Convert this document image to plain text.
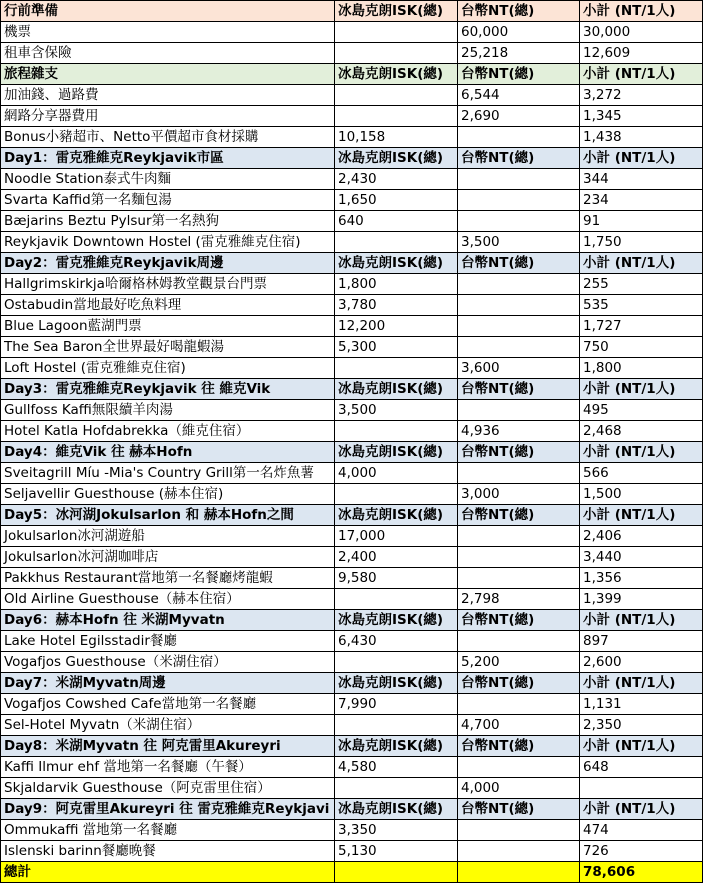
行前準備	冰島克朗ISK(總)	台幣NT(總)	小計 (NT/1人)
機票		60,000	30,000
租車含保險		25,218	12,609
旅程雜支	冰島克朗ISK(總)	台幣NT(總)	小計 (NT/1人)
加油錢、過路費		6,544	3,272
網路分享器費用		2,690	1,345
Bonus小豬超市、Netto平價超市食材採購	10,158		1,438
Day1：雷克雅維克Reykjavik市區	冰島克朗ISK(總)	台幣NT(總)	小計 (NT/1人)
Noodle Station泰式牛肉麵	2,430		344
Svarta Kaffid第一名麵包湯	1,650		234
Bæjarins Beztu Pylsur第一名熱狗	640		91
Reykjavik Downtown Hostel (雷克雅維克住宿)		3,500	1,750
Day2：雷克雅維克Reykjavik周邊	冰島克朗ISK(總)	台幣NT(總)	小計 (NT/1人)
Hallgrimskirkja哈爾格林姆教堂觀景台門票	1,800		255
Ostabudin當地最好吃魚料理	3,780		535
Blue Lagoon藍湖門票	12,200		1,727
The Sea Baron全世界最好喝龍蝦湯	5,300		750
Loft Hostel (雷克雅維克住宿)		3,600	1,800
Day3：雷克雅維克Reykjavik 往 維克Vik	冰島克朗ISK(總)	台幣NT(總)	小計 (NT/1人)
Gullfoss Kaffi無限續羊肉湯	3,500		495
Hotel Katla Hofdabrekka（維克住宿）		4,936	2,468
Day4：維克Vik 往 赫本Hofn	冰島克朗ISK(總)	台幣NT(總)	小計 (NT/1人)
Sveitagrill Míu -Mia's Country Grill第一名炸魚薯	4,000		566
Seljavellir Guesthouse (赫本住宿)		3,000	1,500
Day5：冰河湖Jokulsarlon 和 赫本Hofn之間	冰島克朗ISK(總)	台幣NT(總)	小計 (NT/1人)
Jokulsarlon冰河湖遊船	17,000		2,406
Jokulsarlon冰河湖咖啡店	2,400		3,440
Pakkhus Restaurant當地第一名餐廳烤龍蝦	9,580		1,356
Old Airline Guesthouse（赫本住宿）		2,798	1,399
Day6：赫本Hofn 往 米湖Myvatn	冰島克朗ISK(總)	台幣NT(總)	小計 (NT/1人)
Lake Hotel Egilsstadir餐廳	6,430		897
Vogafjos Guesthouse（米湖住宿）		5,200	2,600
Day7：米湖Myvatn周邊	冰島克朗ISK(總)	台幣NT(總)	小計 (NT/1人)
Vogafjos Cowshed Cafe當地第一名餐廳	7,990		1,131
Sel-Hotel Myvatn（米湖住宿）		4,700	2,350
Day8：米湖Myvatn 往 阿克雷里Akureyri	冰島克朗ISK(總)	台幣NT(總)	小計 (NT/1人)
Kaffi Ilmur ehf 當地第一名餐廳（午餐）	4,580		648
Skjaldarvik Guesthouse（阿克雷里住宿）		4,000	
Day9：阿克雷里Akureyri 往 雷克雅維克Reykjavi	冰島克朗ISK(總)	台幣NT(總)	小計 (NT/1人)
Ommukaffi 當地第一名餐廳	3,350		474
Islenski barinn餐廳晚餐	5,130		726
總計			78,606
